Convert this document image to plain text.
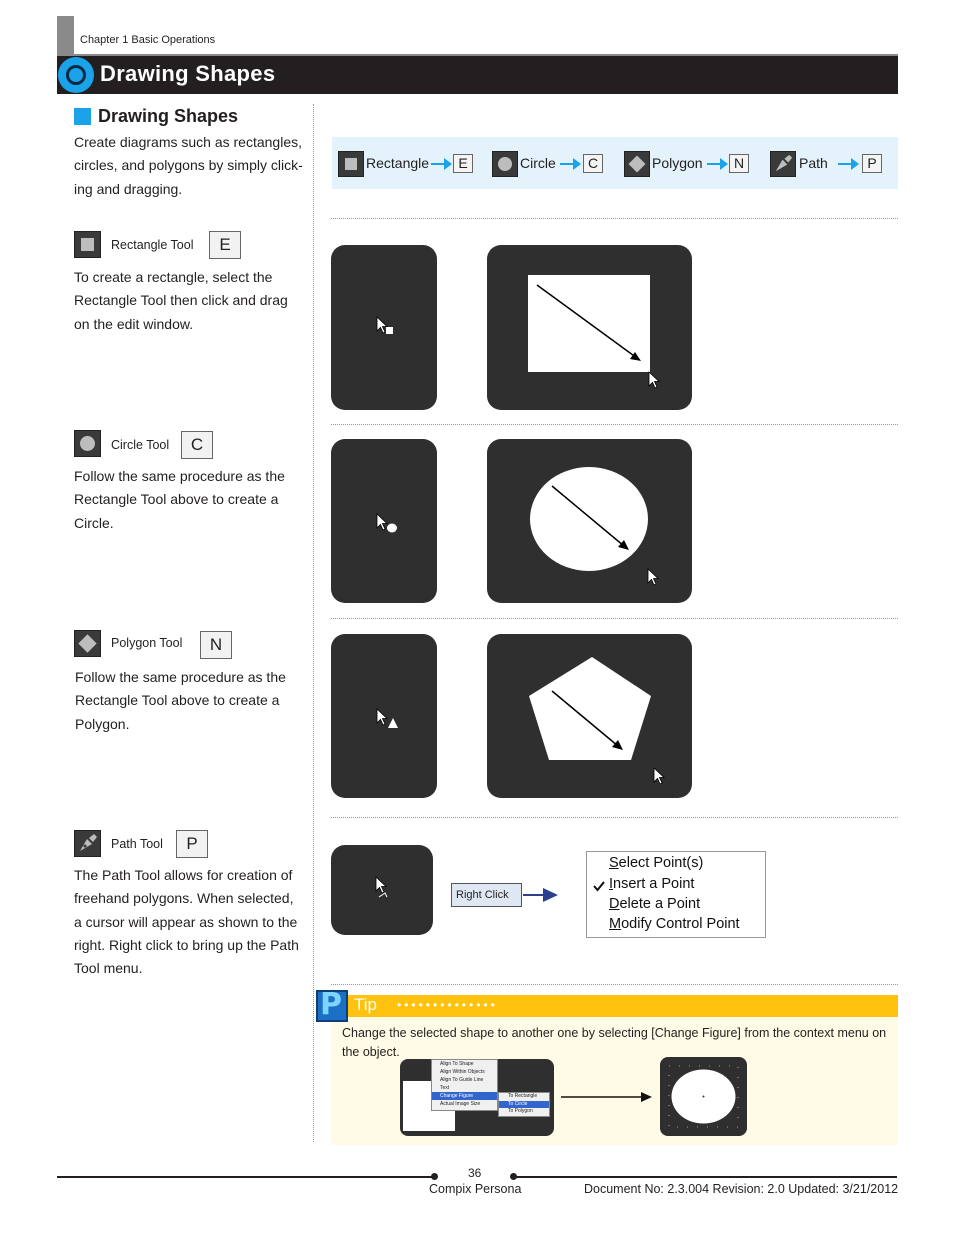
Chapter 1 Basic Operations
Drawing Shapes
Drawing Shapes
Create diagrams such as rectangles,
circles, and polygons by simply click-
ing and dragging.
Rectangle Tool	E
To create a rectangle, select the
Rectangle Tool then click and drag
on the edit window.
Circle Tool	C
Follow the same procedure as the
Rectangle Tool above to create a
Circle.
Polygon Tool	N
Follow the same procedure as the
Rectangle Tool above to create a
Polygon.
Path Tool	P
The Path Tool allows for creation of
freehand polygons. When selected,
a cursor will appear as shown to the
right. Right click to bring up the Path
Tool menu.
Rectangle	E	Circle	C	Polygon	N	Path	P
Right Click
Select Point(s)
Insert a Point
Delete a Point
Modify Control Point
P Tip ••••••••••••••
Change the selected shape to another one by selecting [Change Figure] from the context menu on the object.
Align To Shape
Align Within Objects
Align To Guide Line
Text
Change Figure
Actual Image Size
To Rectangle
To Circle
To Polygon
36
Compix Persona	Document No: 2.3.004 Revision: 2.0 Updated: 3/21/2012
